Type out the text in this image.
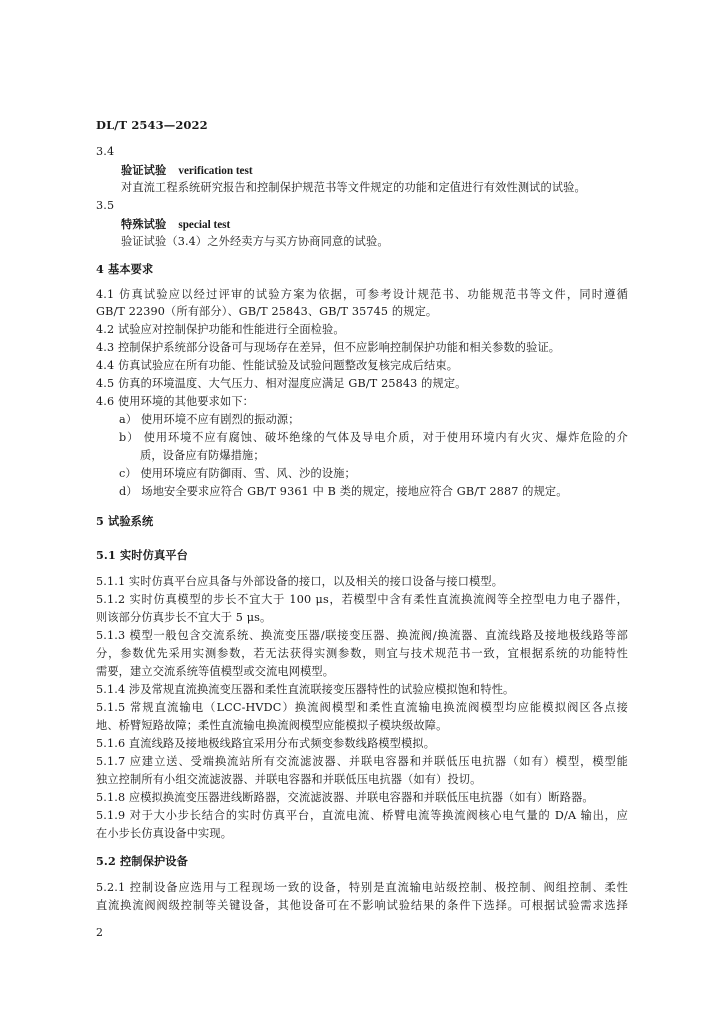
DL/T 2543—2022
3.4
验证试验 verification test
对直流工程系统研究报告和控制保护规范书等文件规定的功能和定值进行有效性测试的试验。
3.5
特殊试验 special test
验证试验（3.4）之外经卖方与买方协商同意的试验。
4 基本要求
4.1 仿真试验应以经过评审的试验方案为依据，可参考设计规范书、功能规范书等文件，同时遵循
GB/T 22390（所有部分）、GB/T 25843、GB/T 35745 的规定。
4.2 试验应对控制保护功能和性能进行全面检验。
4.3 控制保护系统部分设备可与现场存在差异，但不应影响控制保护功能和相关参数的验证。
4.4 仿真试验应在所有功能、性能试验及试验问题整改复核完成后结束。
4.5 仿真的环境温度、大气压力、相对湿度应满足 GB/T 25843 的规定。
4.6 使用环境的其他要求如下：
a） 使用环境不应有剧烈的振动源；
b） 使用环境不应有腐蚀、破坏绝缘的气体及导电介质，对于使用环境内有火灾、爆炸危险的介
质，设备应有防爆措施；
c） 使用环境应有防御雨、雪、风、沙的设施；
d） 场地安全要求应符合 GB/T 9361 中 B 类的规定，接地应符合 GB/T 2887 的规定。
5 试验系统
5.1 实时仿真平台
5.1.1 实时仿真平台应具备与外部设备的接口，以及相关的接口设备与接口模型。
5.1.2 实时仿真模型的步长不宜大于 100 μs，若模型中含有柔性直流换流阀等全控型电力电子器件，
则该部分仿真步长不宜大于 5 μs。
5.1.3 模型一般包含交流系统、换流变压器/联接变压器、换流阀/换流器、直流线路及接地极线路等部
分，参数优先采用实测参数，若无法获得实测参数，则宜与技术规范书一致，宜根据系统的功能特性
需要，建立交流系统等值模型或交流电网模型。
5.1.4 涉及常规直流换流变压器和柔性直流联接变压器特性的试验应模拟饱和特性。
5.1.5 常规直流输电（LCC-HVDC）换流阀模型和柔性直流输电换流阀模型均应能模拟阀区各点接
地、桥臂短路故障；柔性直流输电换流阀模型应能模拟子模块级故障。
5.1.6 直流线路及接地极线路宜采用分布式频变参数线路模型模拟。
5.1.7 应建立送、受端换流站所有交流滤波器、并联电容器和并联低压电抗器（如有）模型，模型能
独立控制所有小组交流滤波器、并联电容器和并联低压电抗器（如有）投切。
5.1.8 应模拟换流变压器进线断路器，交流滤波器、并联电容器和并联低压电抗器（如有）断路器。
5.1.9 对于大小步长结合的实时仿真平台，直流电流、桥臂电流等换流阀核心电气量的 D/A 输出，应
在小步长仿真设备中实现。
5.2 控制保护设备
5.2.1 控制设备应选用与工程现场一致的设备，特别是直流输电站级控制、极控制、阀组控制、柔性
直流换流阀阀级控制等关键设备，其他设备可在不影响试验结果的条件下选择。可根据试验需求选择
2
